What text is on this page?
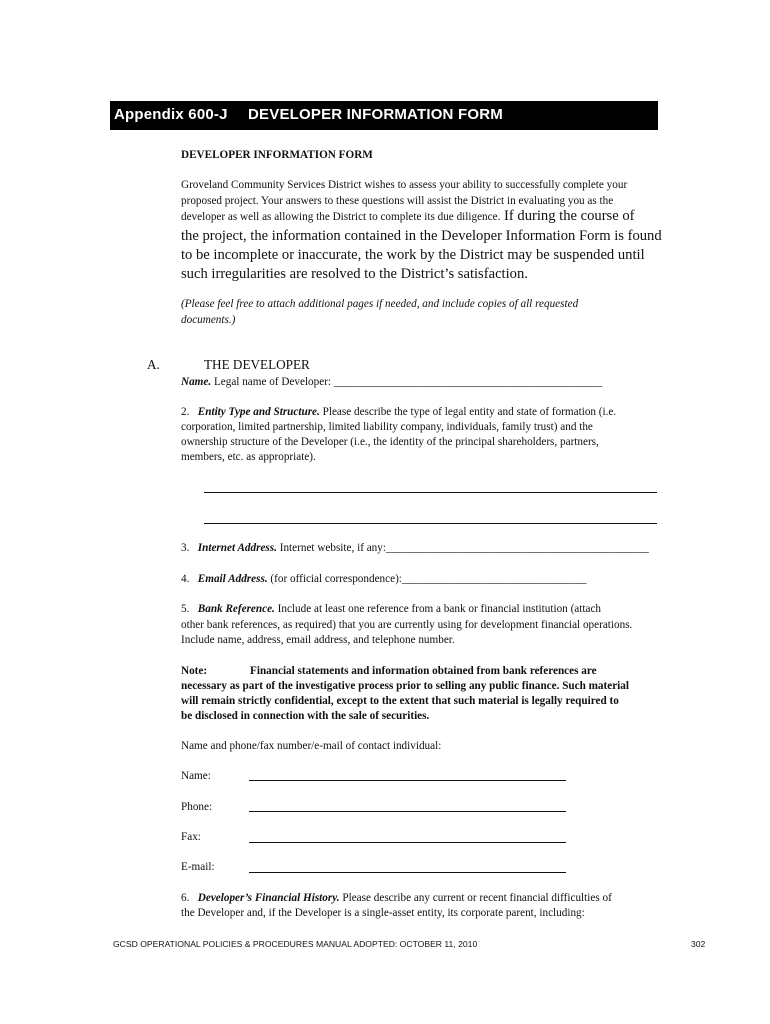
Appendix 600-J DEVELOPER INFORMATION FORM
DEVELOPER INFORMATION FORM
Groveland Community Services District wishes to assess your ability to successfully complete your
proposed project. Your answers to these questions will assist the District in evaluating you as the
developer as well as allowing the District to complete its due diligence. If during the course of
the project, the information contained in the Developer Information Form is found
to be incomplete or inaccurate, the work by the District may be suspended until
such irregularities are resolved to the District’s satisfaction.
(Please feel free to attach additional pages if needed, and include copies of all requested
documents.)
A.	THE DEVELOPER
Name. Legal name of Developer: ________________________________________________
2. Entity Type and Structure. Please describe the type of legal entity and state of formation (i.e.
corporation, limited partnership, limited liability company, individuals, family trust) and the
ownership structure of the Developer (i.e., the identity of the principal shareholders, partners,
members, etc. as appropriate).
3. Internet Address. Internet website, if any:_______________________________________________
4. Email Address. (for official correspondence):_________________________________
5. Bank Reference. Include at least one reference from a bank or financial institution (attach
other bank references, as required) that you are currently using for development financial operations.
Include name, address, email address, and telephone number.
Note:	Financial statements and information obtained from bank references are
necessary as part of the investigative process prior to selling any public finance. Such material
will remain strictly confidential, except to the extent that such material is legally required to
be disclosed in connection with the sale of securities.
Name and phone/fax number/e-mail of contact individual:
Name:
Phone:
Fax:
E-mail:
6. Developer’s Financial History. Please describe any current or recent financial difficulties of
the Developer and, if the Developer is a single-asset entity, its corporate parent, including:
GCSD OPERATIONAL POLICIES & PROCEDURES MANUAL ADOPTED: OCTOBER 11, 2010	302
